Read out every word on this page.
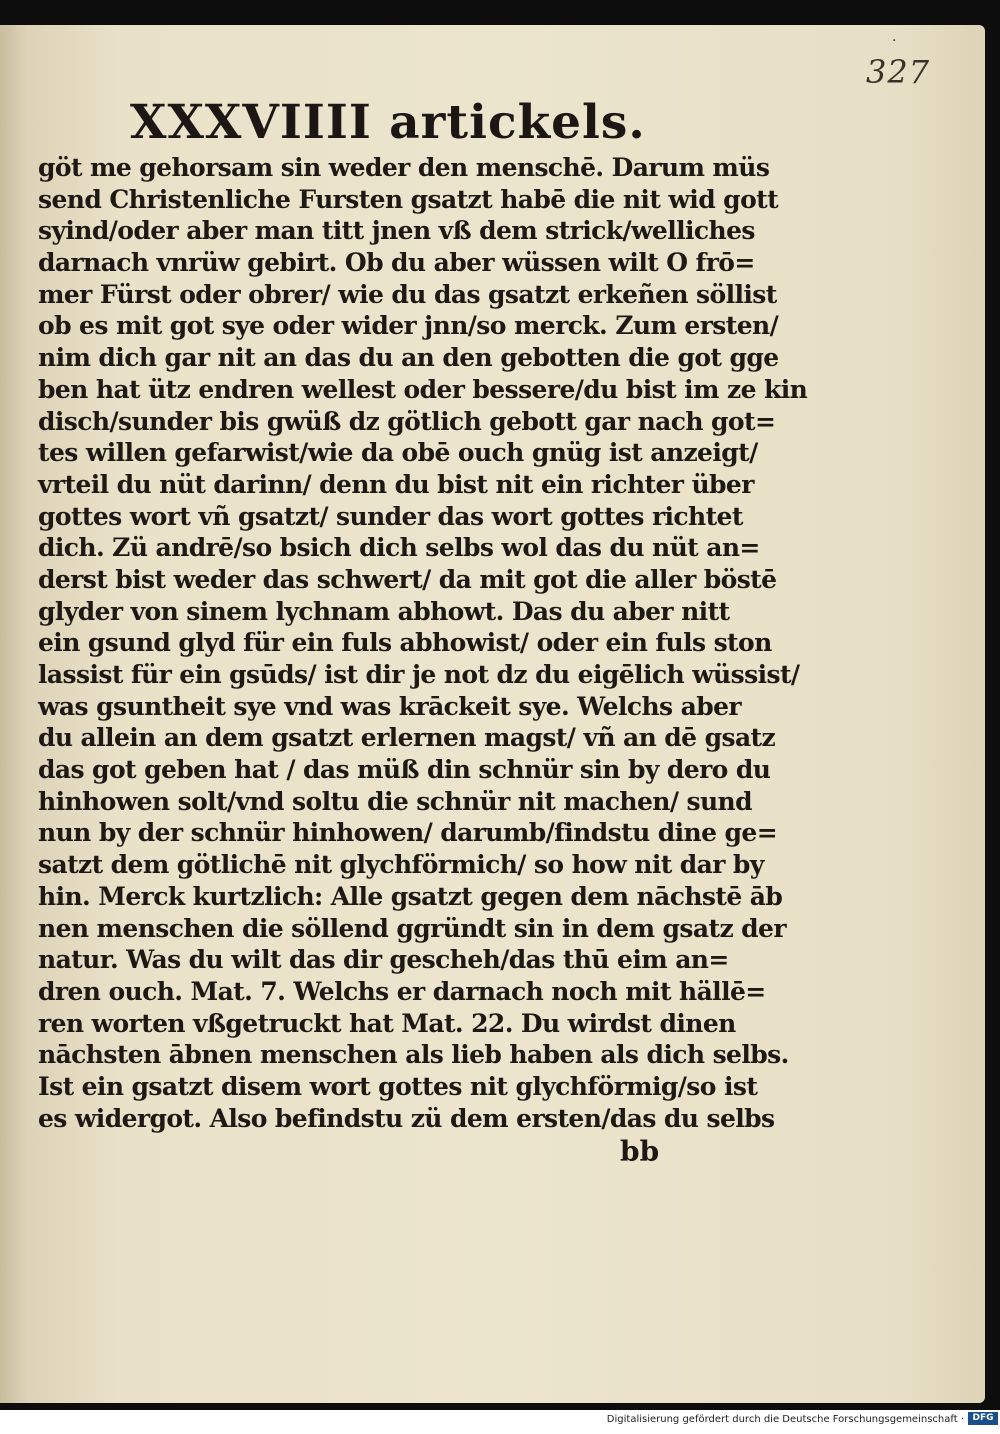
·
327
XXXVIIII artickels.
göt me gehorsam sin weder den menschē. Darum müs
send Christenliche Fursten gsatzt habē die nit wid gott
syind/oder aber man titt jnen vß dem strick/welliches
darnach vnrüw gebirt. Ob du aber wüssen wilt O frō=
mer Fürst oder obrer/ wie du das gsatzt erkeñen söllist
ob es mit got sye oder wider jnn/so merck. Zum ersten/
nim dich gar nit an das du an den gebotten die got gge
ben hat ütz endren wellest oder bessere/du bist im ze kin
disch/sunder bis gwüß dz götlich gebott gar nach got=
tes willen gefarwist/wie da obē ouch gnüg ist anzeigt/
vrteil du nüt darinn/ denn du bist nit ein richter über
gottes wort vñ gsatzt/ sunder das wort gottes richtet
dich. Zü andrē/so bsich dich selbs wol das du nüt an=
derst bist weder das schwert/ da mit got die aller böstē
glyder von sinem lychnam abhowt. Das du aber nitt
ein gsund glyd für ein fuls abhowist/ oder ein fuls ston
lassist für ein gsūds/ ist dir je not dz du eigēlich wüssist/
was gsuntheit sye vnd was krāckeit sye. Welchs aber
du allein an dem gsatzt erlernen magst/ vñ an dē gsatz
das got geben hat / das müß din schnür sin by dero du
hinhowen solt/vnd soltu die schnür nit machen/ sund
nun by der schnür hinhowen/ darumb/findstu dine ge=
satzt dem götlichē nit glychförmich/ so how nit dar by
hin. Merck kurtzlich: Alle gsatzt gegen dem nāchstē āb
nen menschen die söllend ggründt sin in dem gsatz der
natur. Was du wilt das dir gescheh/das thū eim an=
dren ouch. Mat. 7. Welchs er darnach noch mit hällē=
ren worten vßgetruckt hat Mat. 22. Du wirdst dinen
nāchsten ābnen menschen als lieb haben als dich selbs.
Ist ein gsatzt disem wort gottes nit glychförmig/so ist
es widergot. Also befindstu zü dem ersten/das du selbs
bb
Digitalisierung gefördert durch die Deutsche Forschungsgemeinschaft · DFG
